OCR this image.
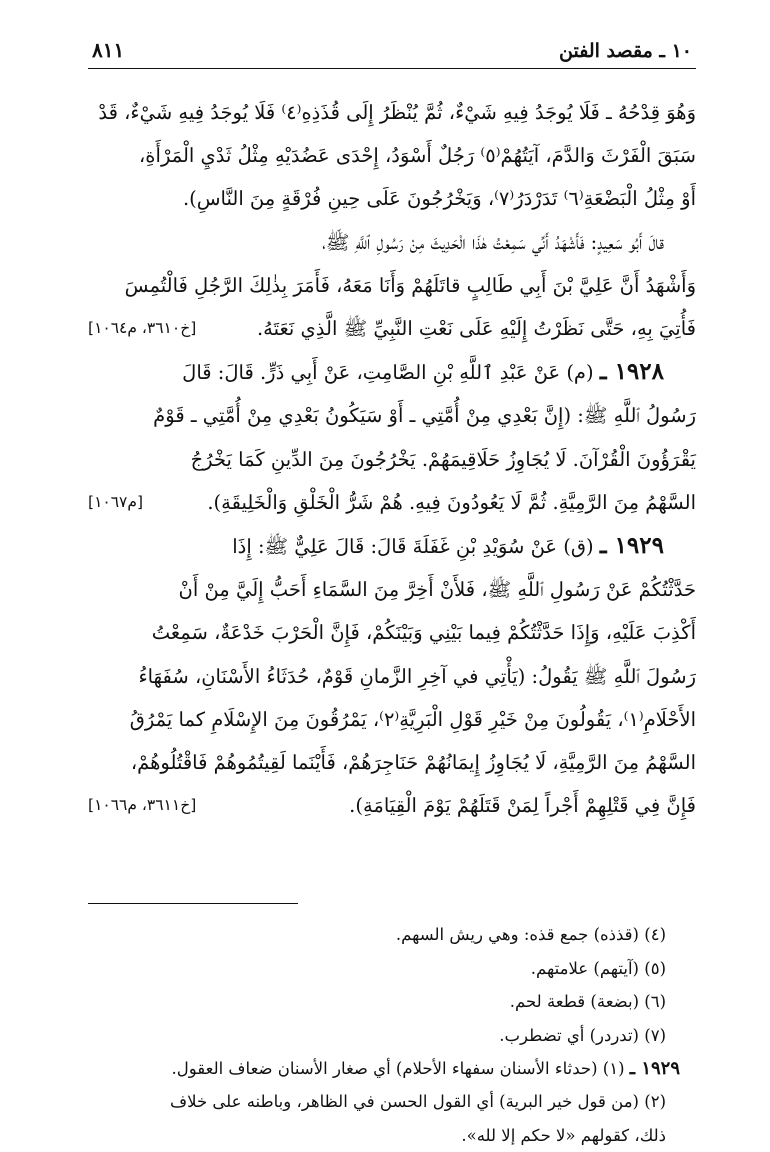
١٠ ـ مقصد الفتن
٨١١

وَهُوَ قِدْحُهُ ـ فَلَا يُوجَدُ فِيهِ شَيْءٌ، ثُمَّ يُنْظَرُ إِلَى قُذَذِهِ⁽٤⁾ فَلَا يُوجَدُ فِيهِ شَيْءٌ، قَدْ

سَبَقَ الْفَرْثَ وَالدَّمَ، آيَتُهُمْ⁽٥⁾ رَجُلٌ أَسْوَدُ، إِحْدَى عَضُدَيْهِ مِثْلُ ثَدْيِ الْمَرْأَةِ،

أَوْ مِثْلُ الْبَضْعَةِ⁽٦⁾ تَدَرْدَرُ⁽٧⁾، وَيَخْرُجُونَ عَلَى حِينِ فُرْقَةٍ مِنَ النَّاسِ).

قالَ أَبُو سَعِيدٍ: فَأَشْهَدُ أَنِّي سَمِعْتُ هٰذَا الْحَدِيثَ مِنْ رَسُولِ ٱللَّهِ ﷺ،

وَأَشْهَدُ أَنَّ عَلِيَّ بْنَ أَبِي طَالِبٍ قاتَلَهُمْ وَأَنَا مَعَهُ، فَأَمَرَ بِذٰلِكَ الرَّجُلِ فَالْتُمِسَ

فَأُتِيَ بِهِ، حَتَّى نَظَرْتُ إِلَيْهِ عَلَى نَعْتِ النَّبِيِّ ﷺ الَّذِي نَعَتَهُ.
[خ٣٦١٠، م١٠٦٤]

١٩٢٨ ـ (م) عَنْ عَبْدِ ٱللَّهِ بْنِ الصَّامِتِ، عَنْ أَبِي ذَرٍّ. قَالَ: قَالَ

رَسُولُ ٱللَّهِ ﷺ: (إِنَّ بَعْدِي مِنْ أُمَّتِي ـ أَوْ سَيَكُونُ بَعْدِي مِنْ أُمَّتِي ـ قَوْمٌ

يَقْرَؤُونَ الْقُرْآنَ. لَا يُجَاوِزُ حَلَاقِيمَهُمْ. يَخْرُجُونَ مِنَ الدِّينِ كَمَا يَخْرُجُ

السَّهْمُ مِنَ الرَّمِيَّةِ. ثُمَّ لَا يَعُودُونَ فِيهِ. هُمْ شَرُّ الْخَلْقِ وَالْخَلِيقَةِ).
[م١٠٦٧]

١٩٢٩ ـ (ق) عَنْ سُوَيْدِ بْنِ غَفَلَةَ قَالَ: قَالَ عَلِيٌّ ﷺ: إِذَا

حَدَّثْتُكُمْ عَنْ رَسُولِ ٱللَّهِ ﷺ، فَلأَنْ أَخِرَّ مِنَ السَّمَاءِ أَحَبُّ إِلَيَّ مِنْ أَنْ

أَكْذِبَ عَلَيْهِ، وَإِذَا حَدَّثْتُكُمْ فِيما بَيْنِي وَبَيْنَكُمْ، فَإِنَّ الْحَرْبَ خَدْعَةٌ، سَمِعْتُ

رَسُولَ ٱللَّهِ ﷺ يَقُولُ: (يَأْتِي في آخِرِ الزَّمانِ قَوْمٌ، حُدَثَاءُ الأَسْنَانِ، سُفَهَاءُ

الأَحْلَامِ⁽١⁾، يَقُولُونَ مِنْ خَيْرِ قَوْلِ الْبَرِيَّةِ⁽٢⁾، يَمْرُقُونَ مِنَ الإِسْلَامِ كما يَمْرُقُ

السَّهْمُ مِنَ الرَّمِيَّةِ، لَا يُجَاوِزُ إِيمَانُهُمْ حَنَاجِرَهُمْ، فَأَيْنَما لَقِيتُمُوهُمْ فَاقْتُلُوهُمْ،

فَإِنَّ فِي قَتْلِهِمْ أَجْراً لِمَنْ قَتَلَهُمْ يَوْمَ الْقِيَامَةِ).
[خ٣٦١١، م١٠٦٦]

(٤) (قذذه) جمع قذه: وهي ريش السهم.

(٥) (آيتهم) علامتهم.

(٦) (بضعة) قطعة لحم.

(٧) (تدردر) أي تضطرب.

١٩٢٩ ـ (١) (حدثاء الأسنان سفهاء الأحلام) أي صغار الأسنان ضعاف العقول.

(٢) (من قول خير البرية) أي القول الحسن في الظاهر، وباطنه على خلاف

ذلك، كقولهم «لا حكم إلا لله».
